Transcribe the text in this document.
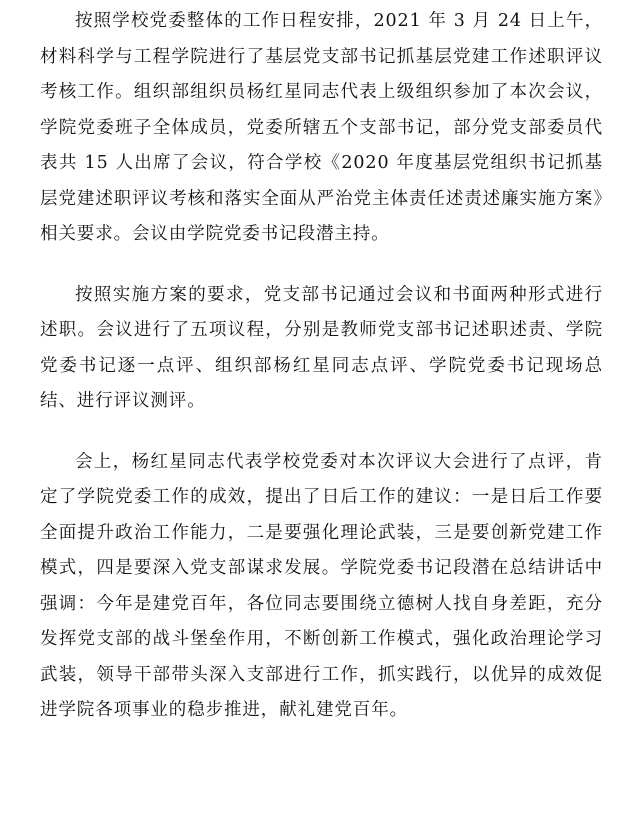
按照学校党委整体的工作日程安排，2021 年 3 月 24 日上午，材料科学与工程学院进行了基层党支部书记抓基层党建工作述职评议考核工作。组织部组织员杨红星同志代表上级组织参加了本次会议，学院党委班子全体成员，党委所辖五个支部书记，部分党支部委员代表共 15 人出席了会议，符合学校《2020 年度基层党组织书记抓基层党建述职评议考核和落实全面从严治党主体责任述责述廉实施方案》相关要求。会议由学院党委书记段潜主持。

按照实施方案的要求，党支部书记通过会议和书面两种形式进行述职。会议进行了五项议程，分别是教师党支部书记述职述责、学院党委书记逐一点评、组织部杨红星同志点评、学院党委书记现场总结、进行评议测评。

会上，杨红星同志代表学校党委对本次评议大会进行了点评，肯定了学院党委工作的成效，提出了日后工作的建议：一是日后工作要全面提升政治工作能力，二是要强化理论武装，三是要创新党建工作模式，四是要深入党支部谋求发展。学院党委书记段潜在总结讲话中强调：今年是建党百年，各位同志要围绕立德树人找自身差距，充分发挥党支部的战斗堡垒作用，不断创新工作模式，强化政治理论学习武装，领导干部带头深入支部进行工作，抓实践行，以优异的成效促进学院各项事业的稳步推进，献礼建党百年。
